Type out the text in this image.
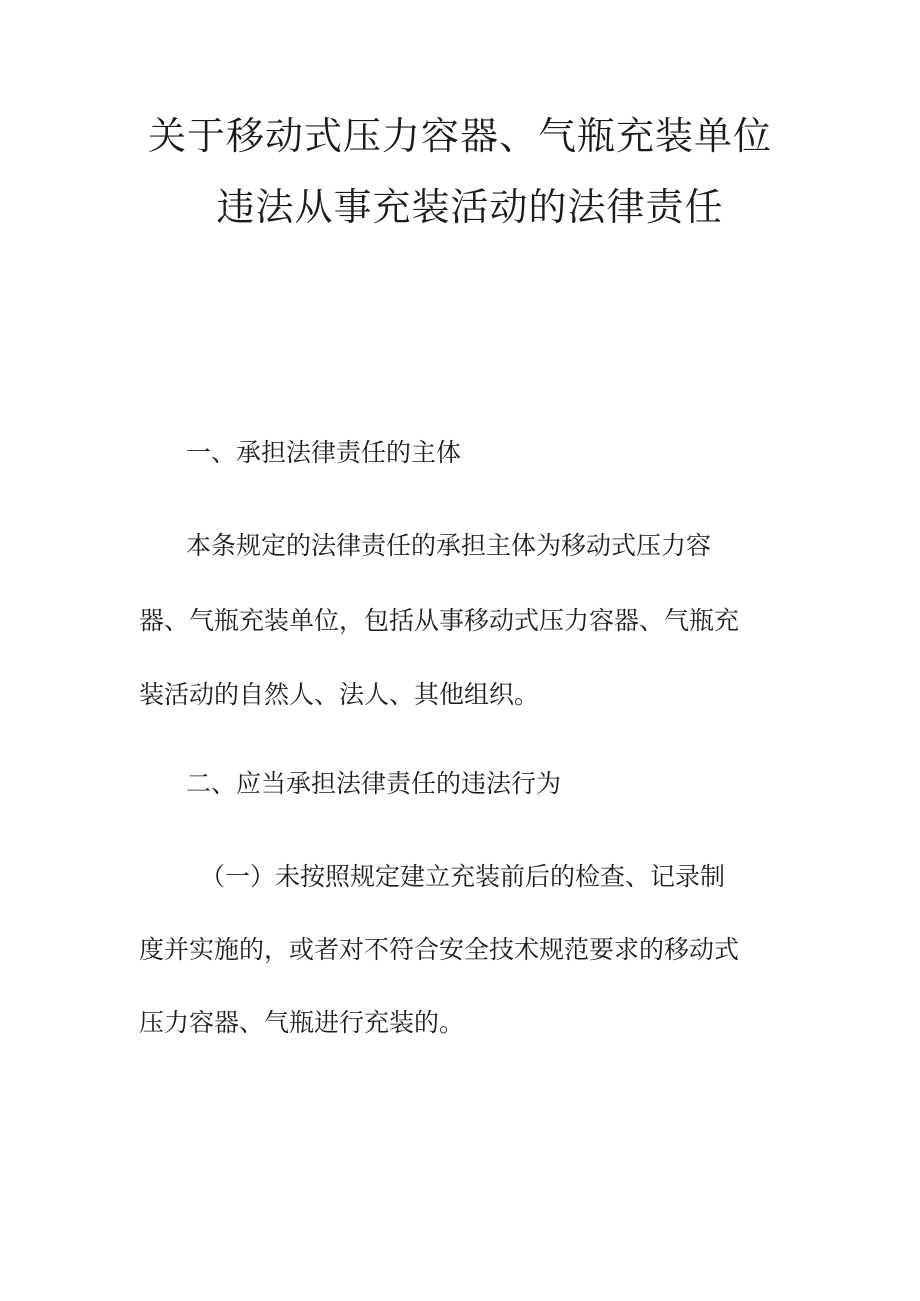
关于移动式压力容器、气瓶充装单位
违法从事充装活动的法律责任
一、承担法律责任的主体
本条规定的法律责任的承担主体为移动式压力容
器、气瓶充装单位，包括从事移动式压力容器、气瓶充
装活动的自然人、法人、其他组织。
二、应当承担法律责任的违法行为
（一）未按照规定建立充装前后的检查、记录制
度并实施的，或者对不符合安全技术规范要求的移动式
压力容器、气瓶进行充装的。
